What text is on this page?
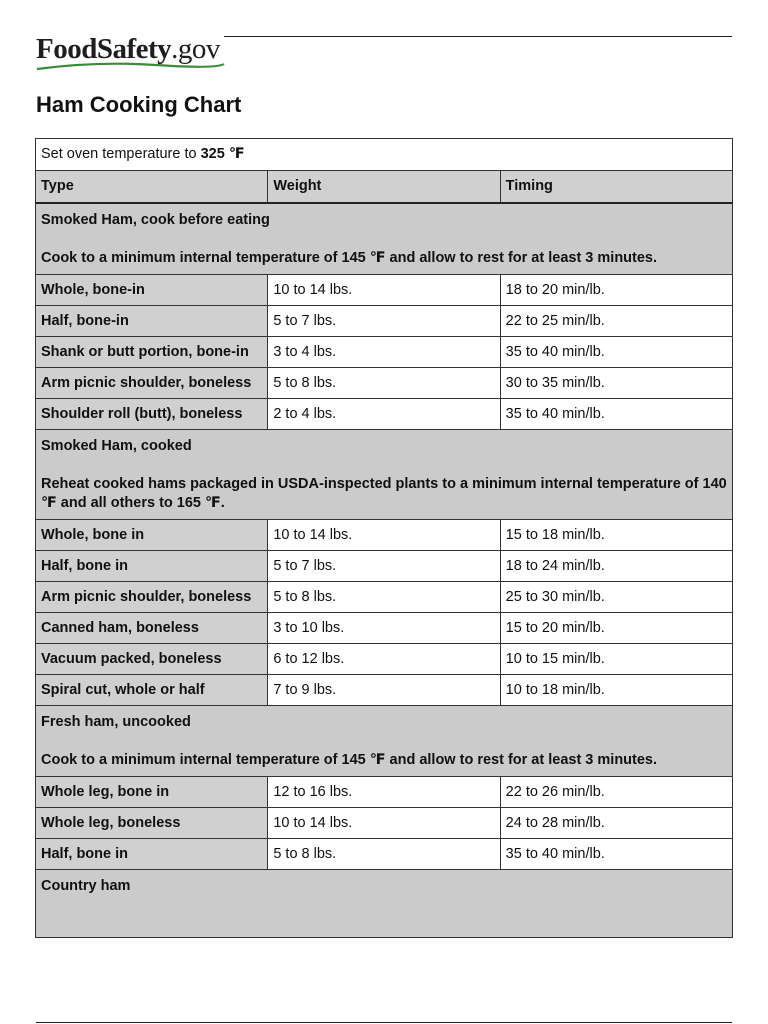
FoodSafety.gov
Ham Cooking Chart
Set oven temperature to 325 ℉		
Type	Weight	Timing

Smoked Ham, cook before eating

Cook to a minimum internal temperature of 145 ℉ and allow to rest for at least 3 minutes.		

Whole, bone-in	10 to 14 lbs.	18 to 20 min/lb.
Half, bone-in	5 to 7 lbs.	22 to 25 min/lb.
Shank or butt portion, bone-in	3 to 4 lbs.	35 to 40 min/lb.
Arm picnic shoulder, boneless	5 to 8 lbs.	30 to 35 min/lb.
Shoulder roll (butt), boneless	2 to 4 lbs.	35 to 40 min/lb.

Smoked Ham, cooked

Reheat cooked hams packaged in USDA-inspected plants to a minimum internal temperature of 140 ℉ and all others to 165 ℉.		

Whole, bone in	10 to 14 lbs.	15 to 18 min/lb.
Half, bone in	5 to 7 lbs.	18 to 24 min/lb.
Arm picnic shoulder, boneless	5 to 8 lbs.	25 to 30 min/lb.
Canned ham, boneless	3 to 10 lbs.	15 to 20 min/lb.
Vacuum packed, boneless	6 to 12 lbs.	10 to 15 min/lb.
Spiral cut, whole or half	7 to 9 lbs.	10 to 18 min/lb.

Fresh ham, uncooked

Cook to a minimum internal temperature of 145 ℉ and allow to rest for at least 3 minutes.		

Whole leg, bone in	12 to 16 lbs.	22 to 26 min/lb.
Whole leg, boneless	10 to 14 lbs.	24 to 28 min/lb.
Half, bone in	5 to 8 lbs.	35 to 40 min/lb.

Country ham		
